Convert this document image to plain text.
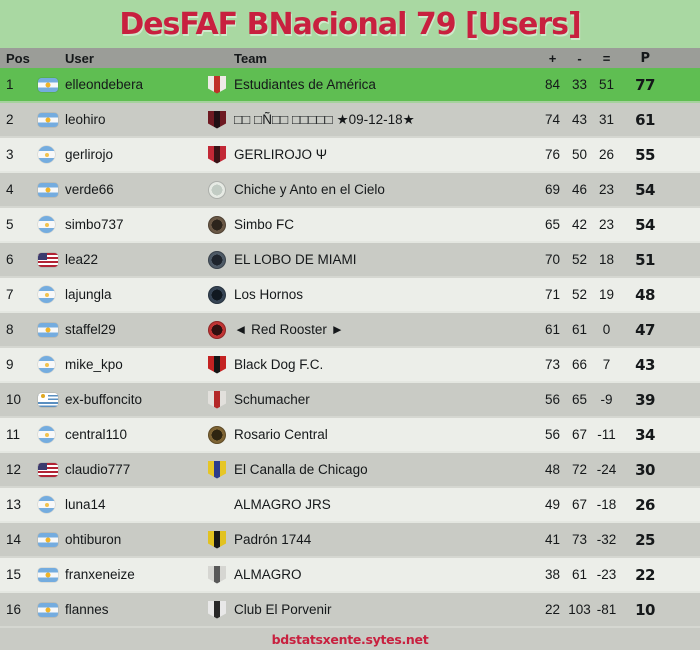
DesFAF BNacional 79 [Users]
Pos	User	Team	+	-	=	P
1	elleondebera	Estudiantes de América	84 33 51	77
2	leohiro	□□ □Ñ□□ □□□□□ ★09-12-18★	74 43 31	61
3	gerlirojo	GERLIROJO Ψ	76 50 26	55
4	verde66	Chiche y Anto en el Cielo	69 46 23	54
5	simbo737	Simbo FC	65 42 23	54
6	lea22	EL LOBO DE MIAMI	70 52 18	51
7	lajungla	Los Hornos	71 52 19	48
8	staffel29	◄ Red Rooster ►	61 61	0	47
9	mike_kpo	Black Dog F.C.	73 66	7	43
10	ex-buffoncito	Schumacher	56 65 -9	39
11	central110	Rosario Central	56 67 -11	34
12	claudio777	El Canalla de Chicago	48 72 -24	30
13	luna14	ALMAGRO JRS	49 67 -18	26
14	ohtiburon	Padrón 1744	41 73 -32	25
15	franxeneize	ALMAGRO	38 61 -23	22
16	flannes	Club El Porvenir	22 103 -81	10
bdstatsxente.sytes.net
